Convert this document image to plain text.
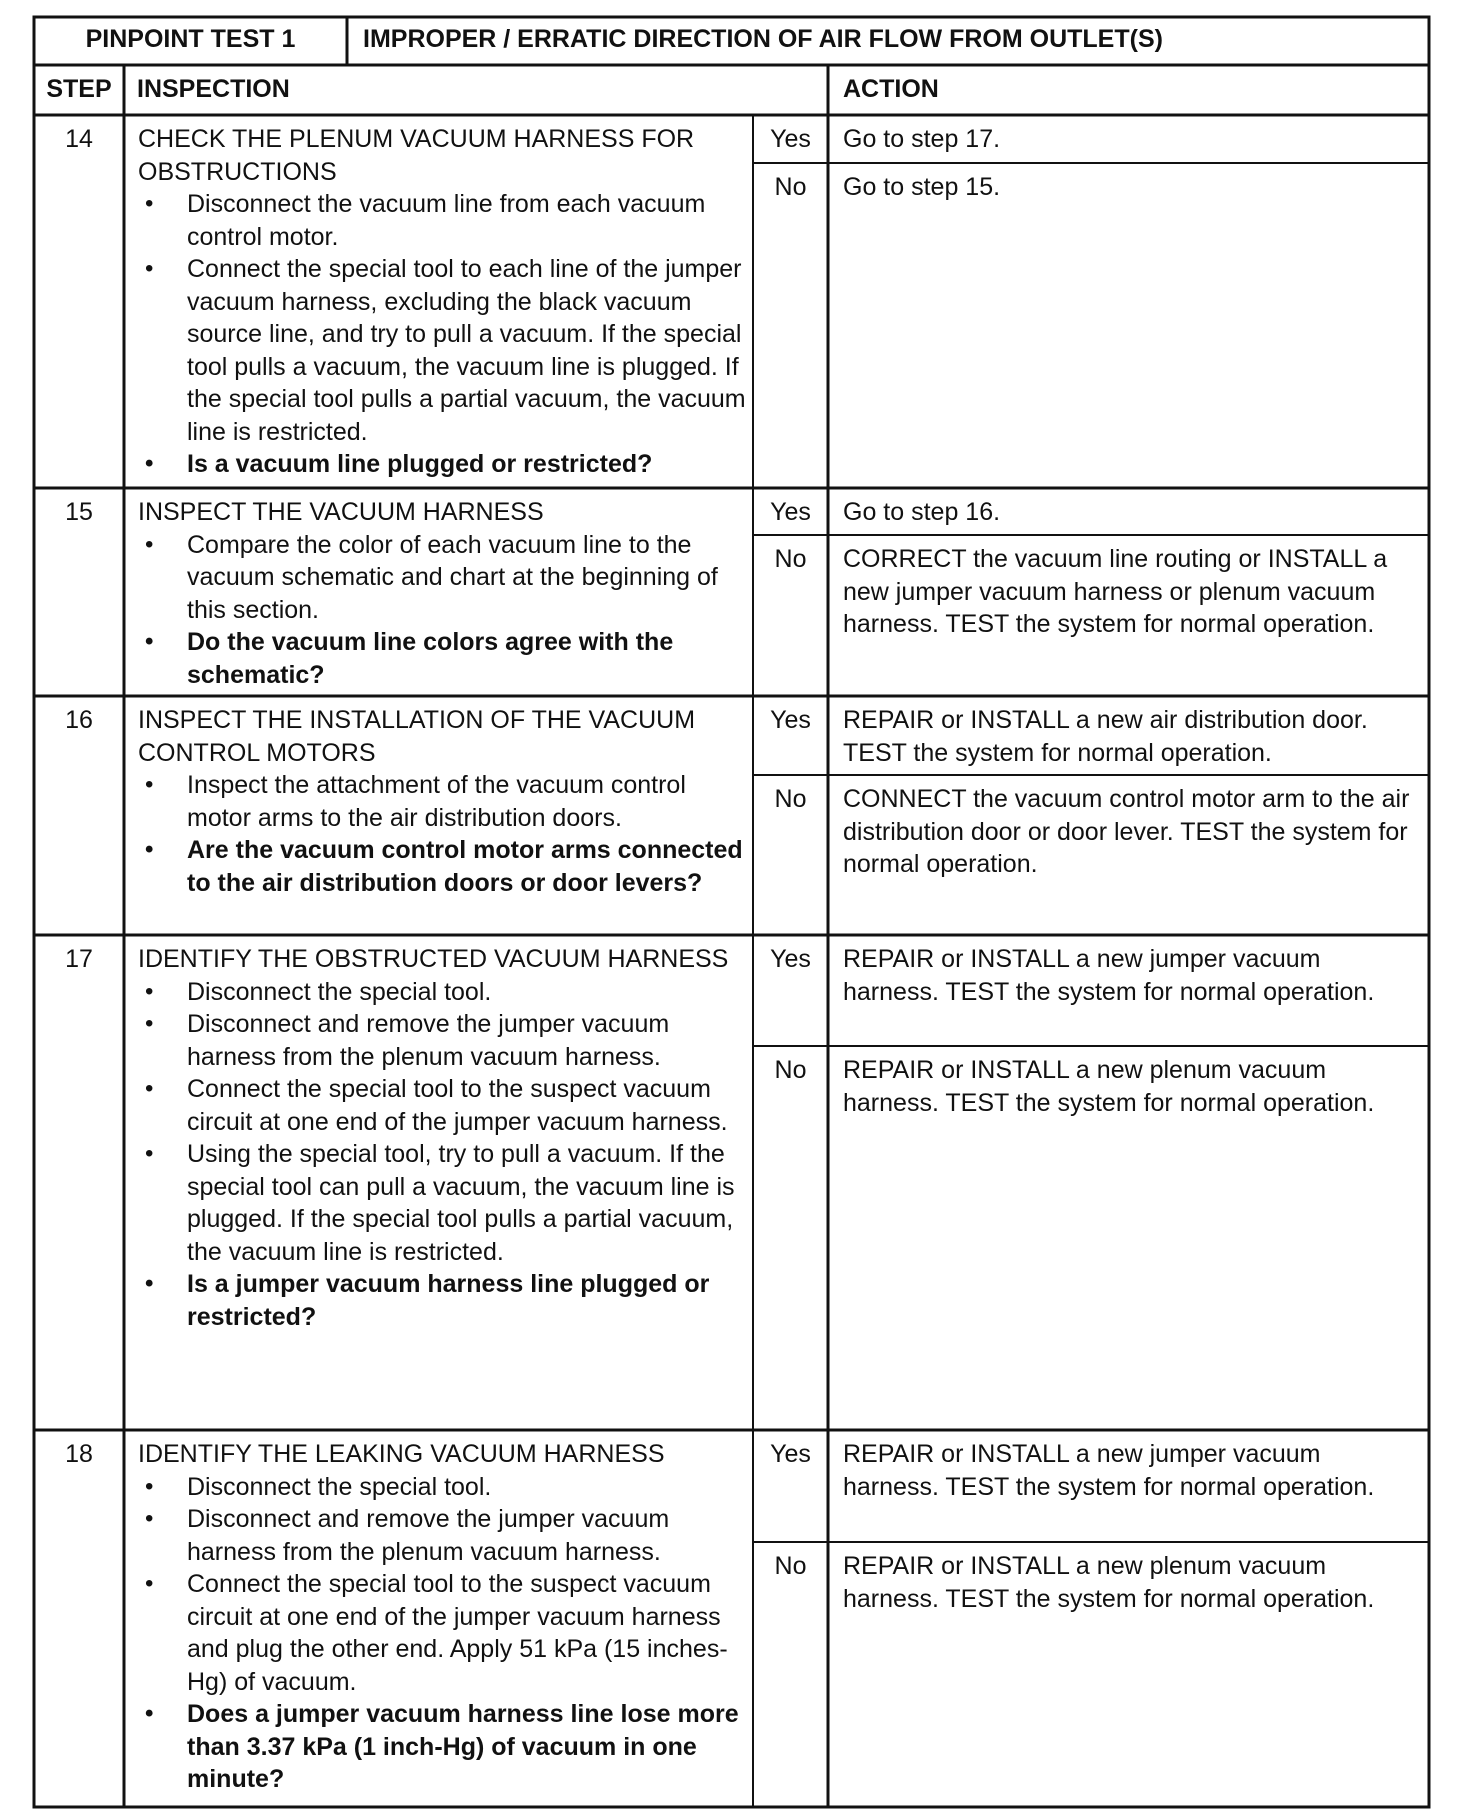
PINPOINT TEST 1	IMPROPER / ERRATIC DIRECTION OF AIR FLOW FROM OUTLET(S)
STEP	INSPECTION	ACTION
14	CHECK THE PLENUM VACUUM HARNESS FOR OBSTRUCTIONS
• Disconnect the vacuum line from each vacuum control motor.
• Connect the special tool to each line of the jumper vacuum harness, excluding the black vacuum source line, and try to pull a vacuum. If the special tool pulls a vacuum, the vacuum line is plugged. If the special tool pulls a partial vacuum, the vacuum line is restricted.
• Is a vacuum line plugged or restricted?
Yes	Go to step 17.
No	Go to step 15.
15	INSPECT THE VACUUM HARNESS
• Compare the color of each vacuum line to the vacuum schematic and chart at the beginning of this section.
• Do the vacuum line colors agree with the schematic?
Yes	Go to step 16.
No	CORRECT the vacuum line routing or INSTALL a new jumper vacuum harness or plenum vacuum harness. TEST the system for normal operation.
16	INSPECT THE INSTALLATION OF THE VACUUM CONTROL MOTORS
• Inspect the attachment of the vacuum control motor arms to the air distribution doors.
• Are the vacuum control motor arms connected to the air distribution doors or door levers?
Yes	REPAIR or INSTALL a new air distribution door. TEST the system for normal operation.
No	CONNECT the vacuum control motor arm to the air distribution door or door lever. TEST the system for normal operation.
17	IDENTIFY THE OBSTRUCTED VACUUM HARNESS
• Disconnect the special tool.
• Disconnect and remove the jumper vacuum harness from the plenum vacuum harness.
• Connect the special tool to the suspect vacuum circuit at one end of the jumper vacuum harness.
• Using the special tool, try to pull a vacuum. If the special tool can pull a vacuum, the vacuum line is plugged. If the special tool pulls a partial vacuum, the vacuum line is restricted.
• Is a jumper vacuum harness line plugged or restricted?
Yes	REPAIR or INSTALL a new jumper vacuum harness. TEST the system for normal operation.
No	REPAIR or INSTALL a new plenum vacuum harness. TEST the system for normal operation.
18	IDENTIFY THE LEAKING VACUUM HARNESS
• Disconnect the special tool.
• Disconnect and remove the jumper vacuum harness from the plenum vacuum harness.
• Connect the special tool to the suspect vacuum circuit at one end of the jumper vacuum harness and plug the other end. Apply 51 kPa (15 inches-Hg) of vacuum.
• Does a jumper vacuum harness line lose more than 3.37 kPa (1 inch-Hg) of vacuum in one minute?
Yes	REPAIR or INSTALL a new jumper vacuum harness. TEST the system for normal operation.
No	REPAIR or INSTALL a new plenum vacuum harness. TEST the system for normal operation.
